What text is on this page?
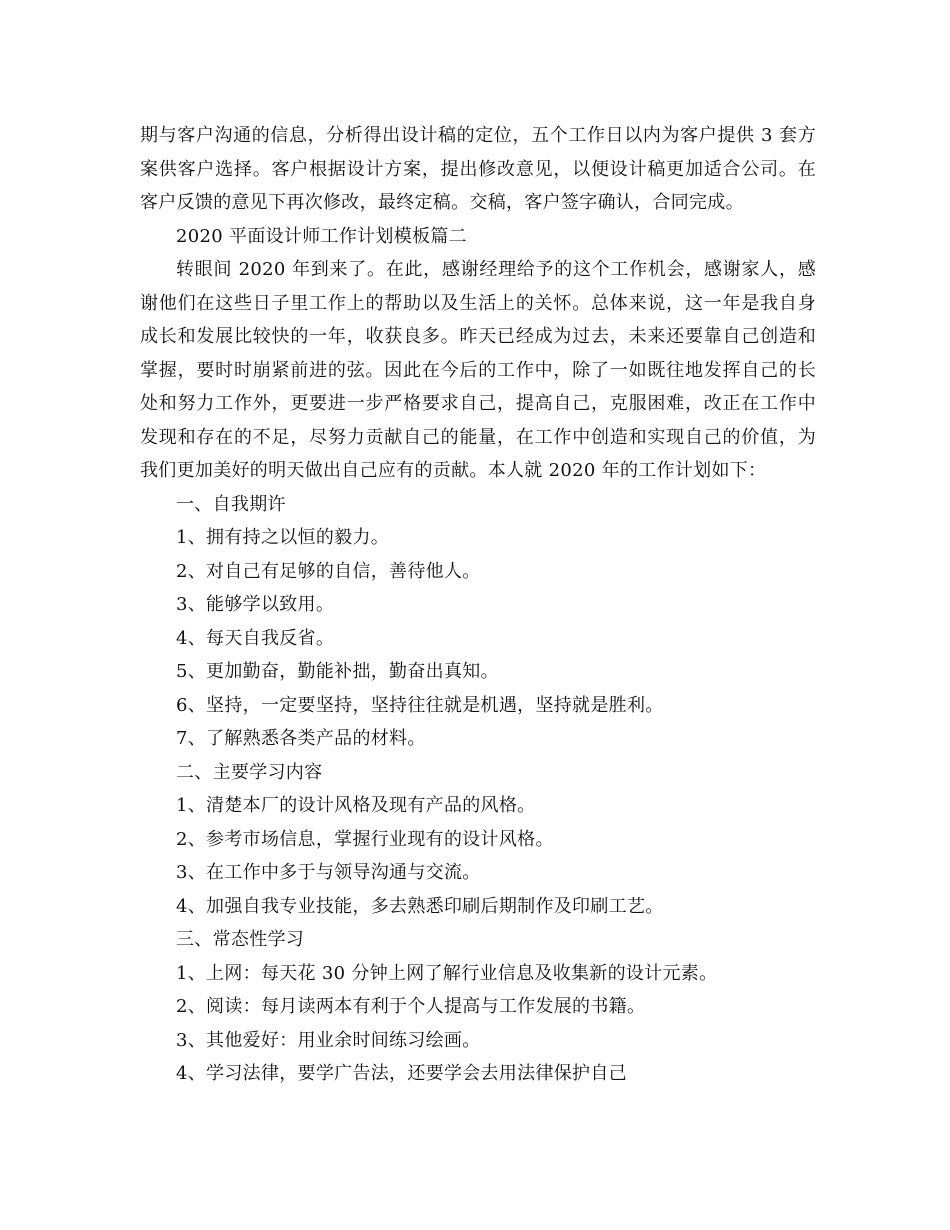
期与客户沟通的信息，分析得出设计稿的定位，五个工作日以内为客户提供 3 套方案供客户选择。客户根据设计方案，提出修改意见，以便设计稿更加适合公司。在客户反馈的意见下再次修改，最终定稿。交稿，客户签字确认，合同完成。

2020 平面设计师工作计划模板篇二

转眼间 2020 年到来了。在此，感谢经理给予的这个工作机会，感谢家人，感谢他们在这些日子里工作上的帮助以及生活上的关怀。总体来说，这一年是我自身成长和发展比较快的一年，收获良多。昨天已经成为过去，未来还要靠自己创造和掌握，要时时崩紧前进的弦。因此在今后的工作中，除了一如既往地发挥自己的长处和努力工作外，更要进一步严格要求自己，提高自己，克服困难，改正在工作中发现和存在的不足，尽努力贡献自己的能量，在工作中创造和实现自己的价值，为我们更加美好的明天做出自己应有的贡献。本人就 2020 年的工作计划如下：

一、自我期许

1、拥有持之以恒的毅力。

2、对自己有足够的自信，善待他人。

3、能够学以致用。

4、每天自我反省。

5、更加勤奋，勤能补拙，勤奋出真知。

6、坚持，一定要坚持，坚持往往就是机遇，坚持就是胜利。

7、了解熟悉各类产品的材料。

二、主要学习内容

1、清楚本厂的设计风格及现有产品的风格。

2、参考市场信息，掌握行业现有的设计风格。

3、在工作中多于与领导沟通与交流。

4、加强自我专业技能，多去熟悉印刷后期制作及印刷工艺。

三、常态性学习

1、上网：每天花 30 分钟上网了解行业信息及收集新的设计元素。

2、阅读：每月读两本有利于个人提高与工作发展的书籍。

3、其他爱好：用业余时间练习绘画。

4、学习法律，要学广告法，还要学会去用法律保护自己
